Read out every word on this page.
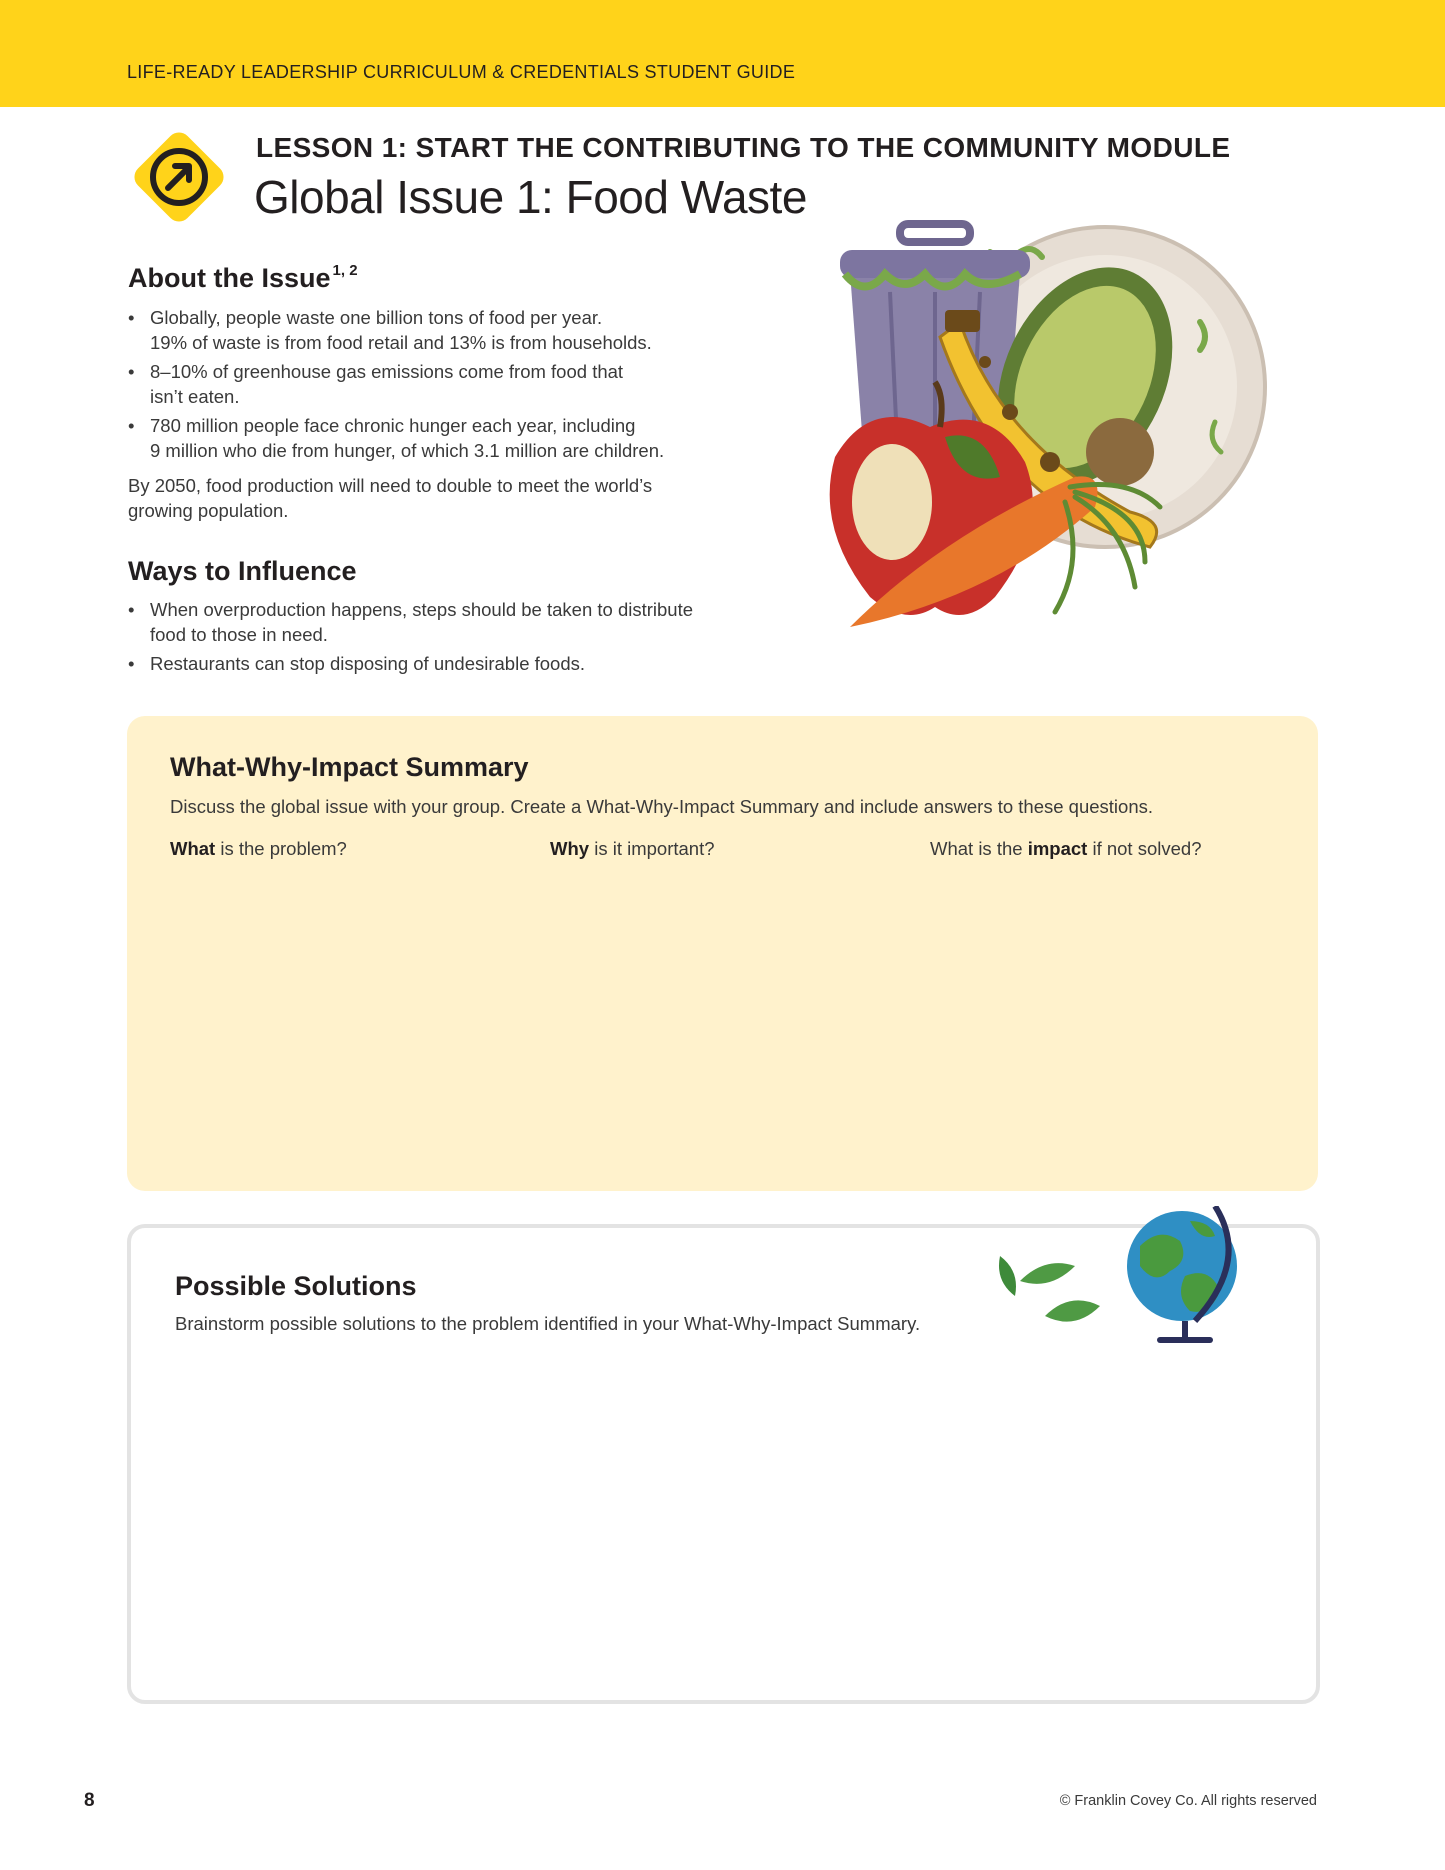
LIFE-READY LEADERSHIP CURRICULUM & CREDENTIALS STUDENT GUIDE
LESSON 1: START THE CONTRIBUTING TO THE COMMUNITY MODULE
Global Issue 1: Food Waste
About the Issue $^{1, 2}$
• Globally, people waste one billion tons of food per year.
19% of waste is from food retail and 13% is from households.
• 8–10% of greenhouse gas emissions come from food that
isn’t eaten.
• 780 million people face chronic hunger each year, including
9 million who die from hunger, of which 3.1 million are children.
By 2050, food production will need to double to meet the world’s
growing population.
Ways to Influence
• When overproduction happens, steps should be taken to distribute
food to those in need.
• Restaurants can stop disposing of undesirable foods.
What-Why-Impact Summary
Discuss the global issue with your group. Create a What-Why-Impact Summary and include answers to these questions.
What is the problem?	Why is it important?	What is the impact if not solved?
Possible Solutions
Brainstorm possible solutions to the problem identified in your What-Why-Impact Summary.
8	© Franklin Covey Co. All rights reserved
